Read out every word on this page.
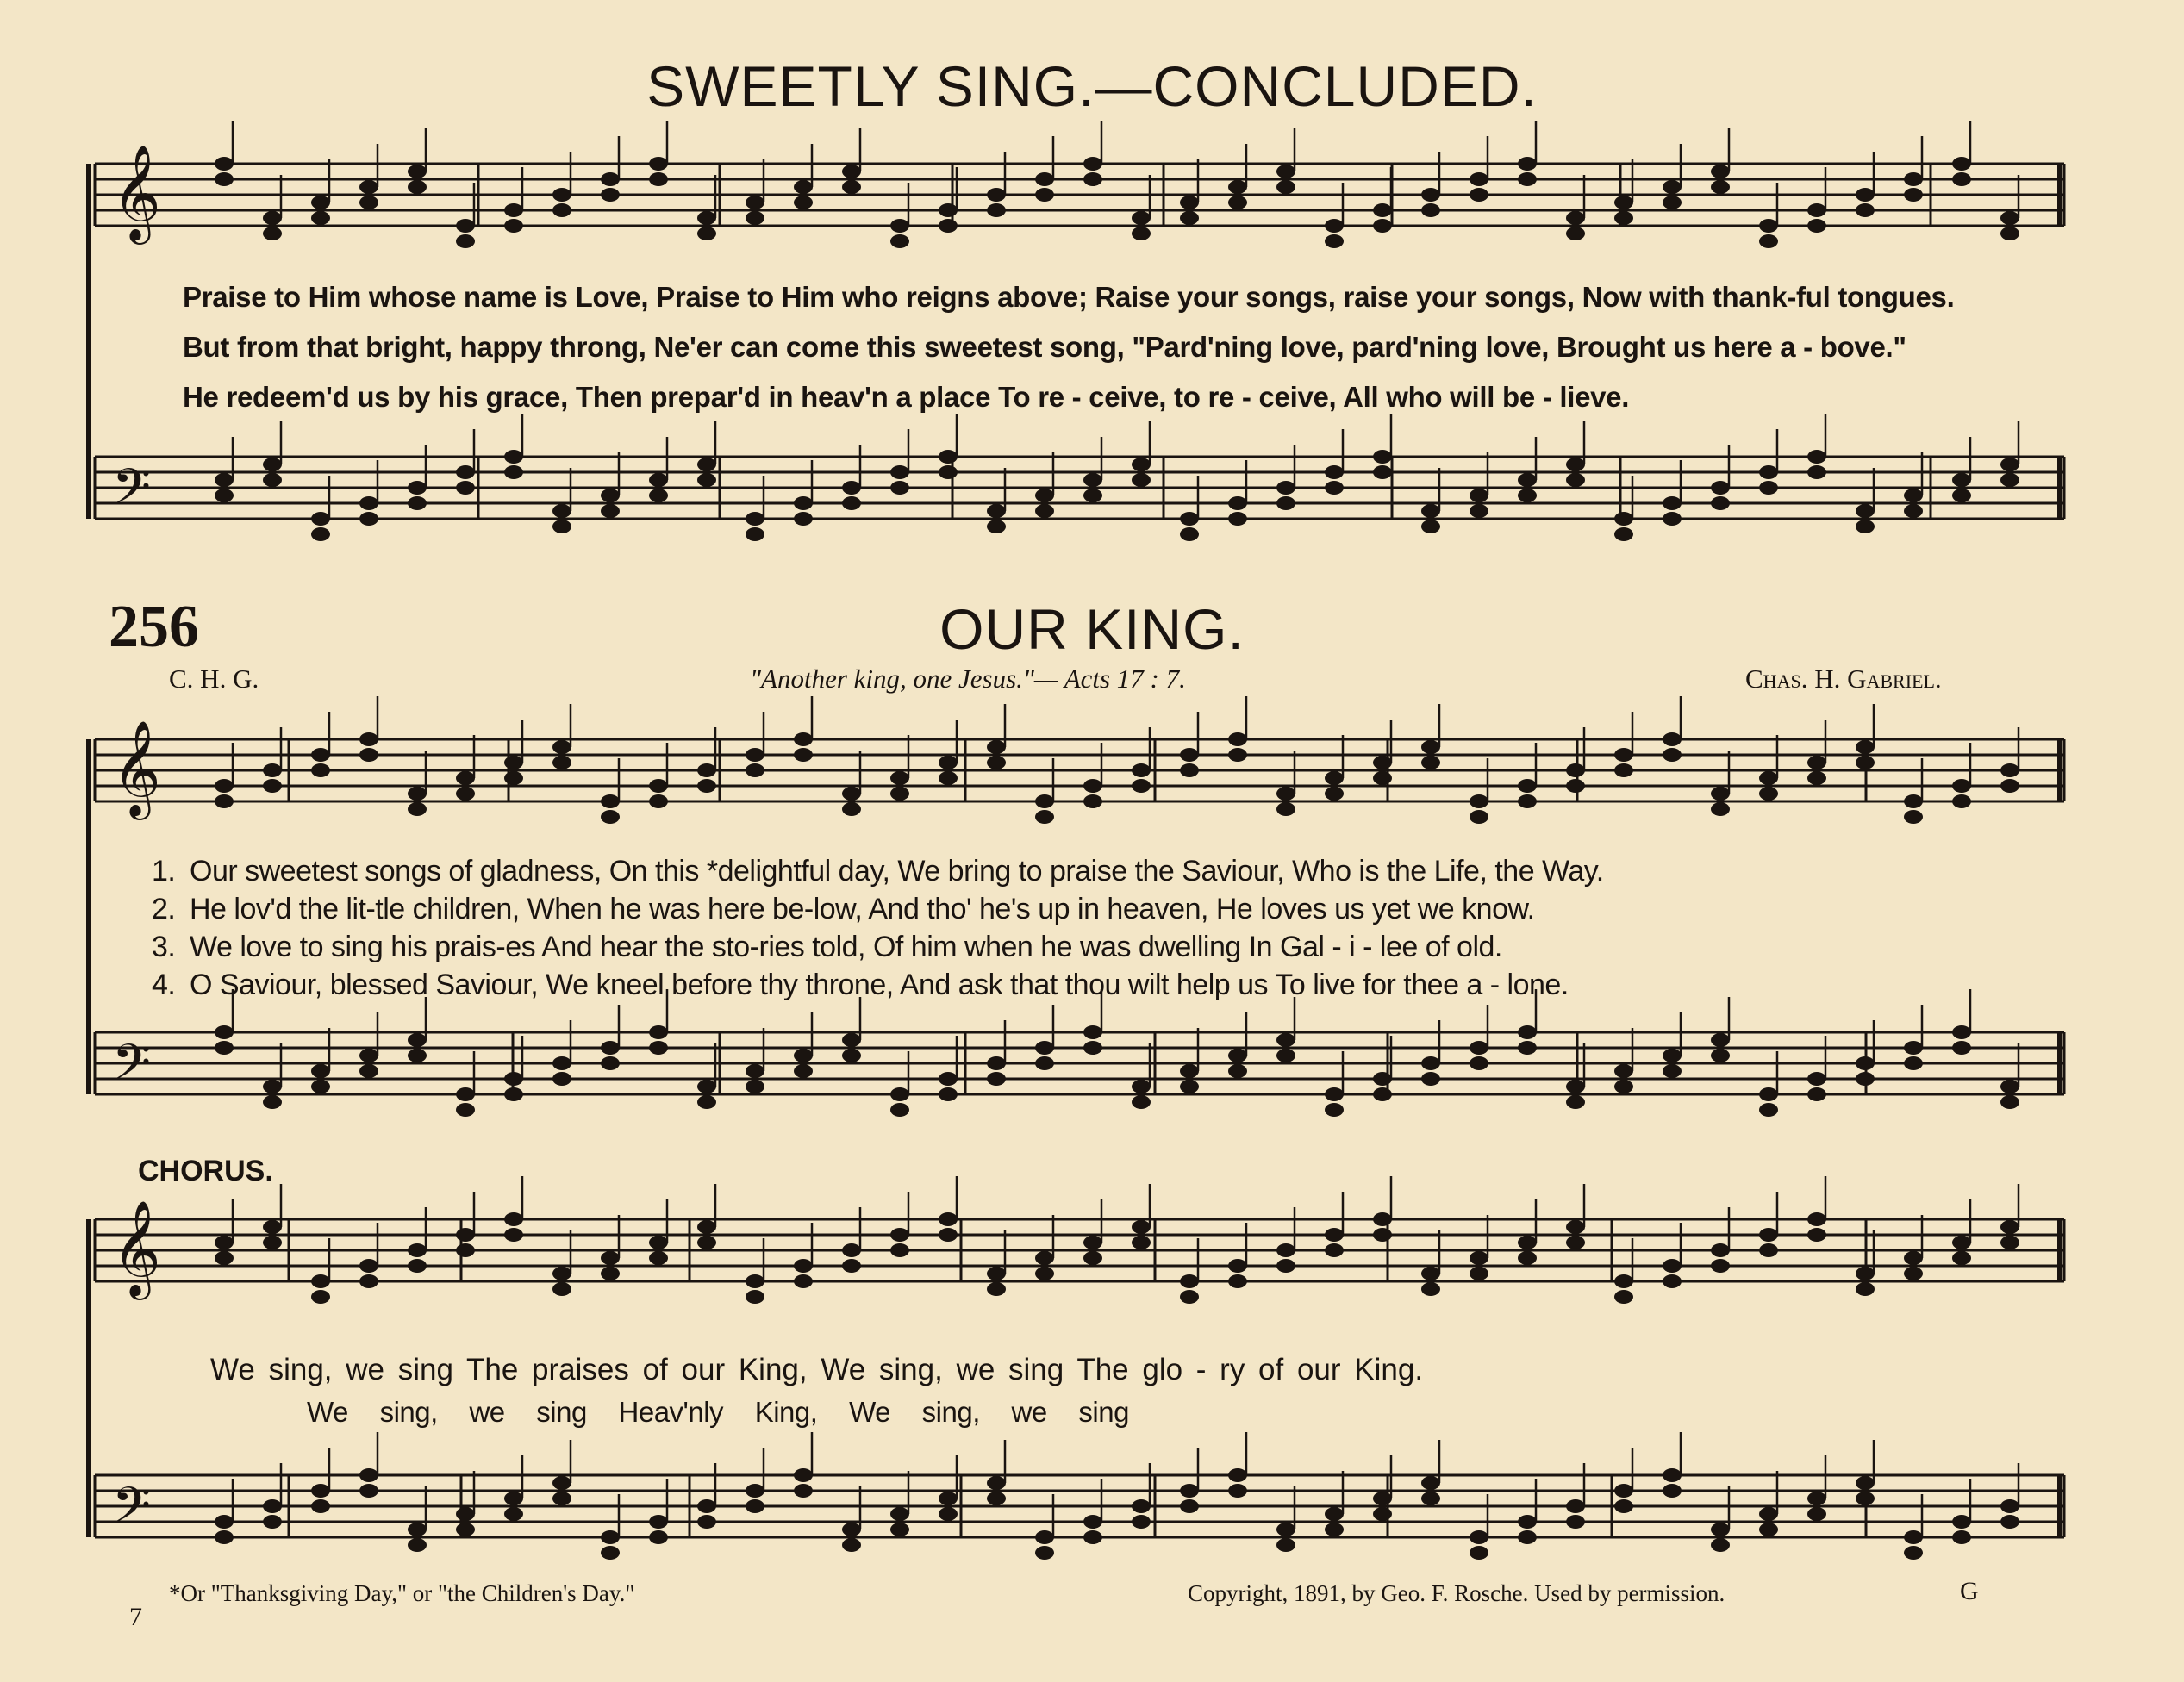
𝄞
𝄢
𝄞
𝄢
𝄞
𝄢
SWEETLY SING.—CONCLUDED.
Praise to Him whose name is Love, Praise to Him who reigns above; Raise your songs, raise your songs, Now with thank-ful tongues.
But from that bright, happy throng, Ne'er can come this sweetest song, "Pard'ning love, pard'ning love, Brought us here a - bove."
He redeem'd us by his grace, Then prepar'd in heav'n a place To re - ceive, to re - ceive, All who will be - lieve.
256	OUR KING.
C. H. G.	"Another king, one Jesus."— Acts 17 : 7.	Chas. H. Gabriel.
1. Our sweetest songs of gladness, On this *delightful day, We bring to praise the Saviour, Who is the Life, the Way.
2. He lov'd the lit-tle children, When he was here be-low, And tho' he's up in heaven, He loves us yet we know.
3. We love to sing his prais-es And hear the sto-ries told, Of him when he was dwelling In Gal - i - lee of old.
4. O Saviour, blessed Saviour, We kneel before thy throne, And ask that thou wilt help us To live for thee a - lone.
CHORUS.
We sing, we sing The praises of our King, We sing, we sing The glo - ry of our King.
We sing, we sing Heav'nly King, We sing, we sing
*Or "Thanksgiving Day," or "the Children's Day."	Copyright, 1891, by Geo. F. Rosche. Used by permission.
7
G
